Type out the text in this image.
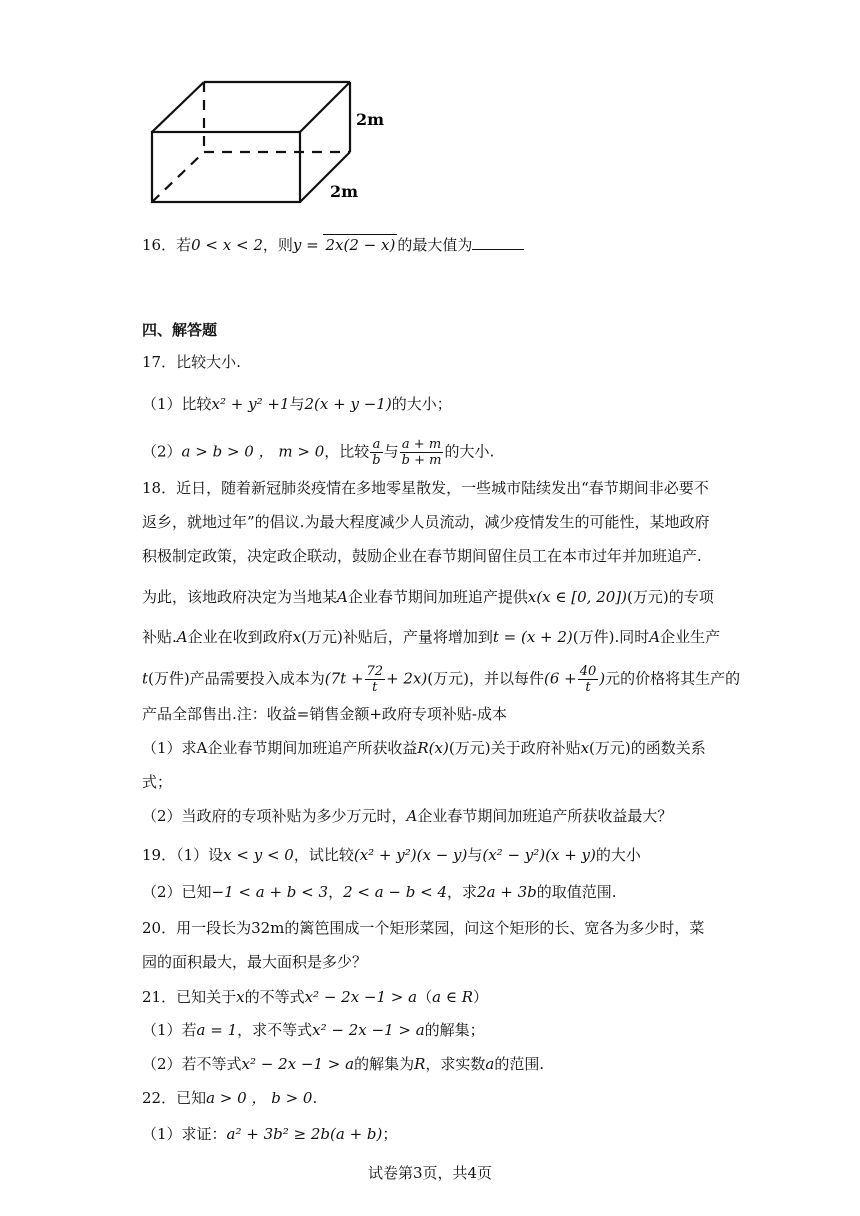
2m
2m
16．若0 < x < 2，则y = 2x(2 − x) 的最大值为
四、解答题
17．比较大小.
（1）比较x² + y² +1与2(x + y −1)的大小；
（2）a > b > 0 ， m > 0，比较 $\frac{a}{b}$ 与 $\frac{a + m}{b + m}$ 的大小.
18．近日，随着新冠肺炎疫情在多地零星散发，一些城市陆续发出“春节期间非必要不
返乡，就地过年”的倡议.为最大程度减少人员流动，减少疫情发生的可能性，某地政府
积极制定政策，决定政企联动，鼓励企业在春节期间留住员工在本市过年并加班追产.
为此，该地政府决定为当地某A企业春节期间加班追产提供x(x ∈ [0, 20])(万元)的专项
补贴.A企业在收到政府x(万元)补贴后，产量将增加到t = (x + 2)(万件).同时A企业生产
t(万件)产品需要投入成本为$(7t + \frac{72}{t} + 2x)$(万元)，并以每件($6 + \frac{40}{t}$ )元的价格将其生产的
产品全部售出.注：收益=销售金额+政府专项补贴-成本
（1）求A企业春节期间加班追产所获收益R(x)(万元)关于政府补贴x(万元)的函数关系
式；
（2）当政府的专项补贴为多少万元时，A企业春节期间加班追产所获收益最大？
19．（1）设x < y < 0，试比较(x² + y²)(x − y)与(x² − y²)(x + y)的大小
（2）已知−1 < a + b < 3，2 < a − b < 4，求2a + 3b的取值范围.
20．用一段长为32m的篱笆围成一个矩形菜园，问这个矩形的长、宽各为多少时，菜
园的面积最大，最大面积是多少？
21．已知关于x的不等式x² − 2x −1 > a（a ∈ R）
（1）若a = 1，求不等式x² − 2x −1 > a的解集；
（2）若不等式x² − 2x −1 > a的解集为R，求实数a的范围.
22．已知a > 0 ， b > 0.
（1）求证：a² + 3b² ≥ 2b(a + b)；
试卷第3页，共4页
